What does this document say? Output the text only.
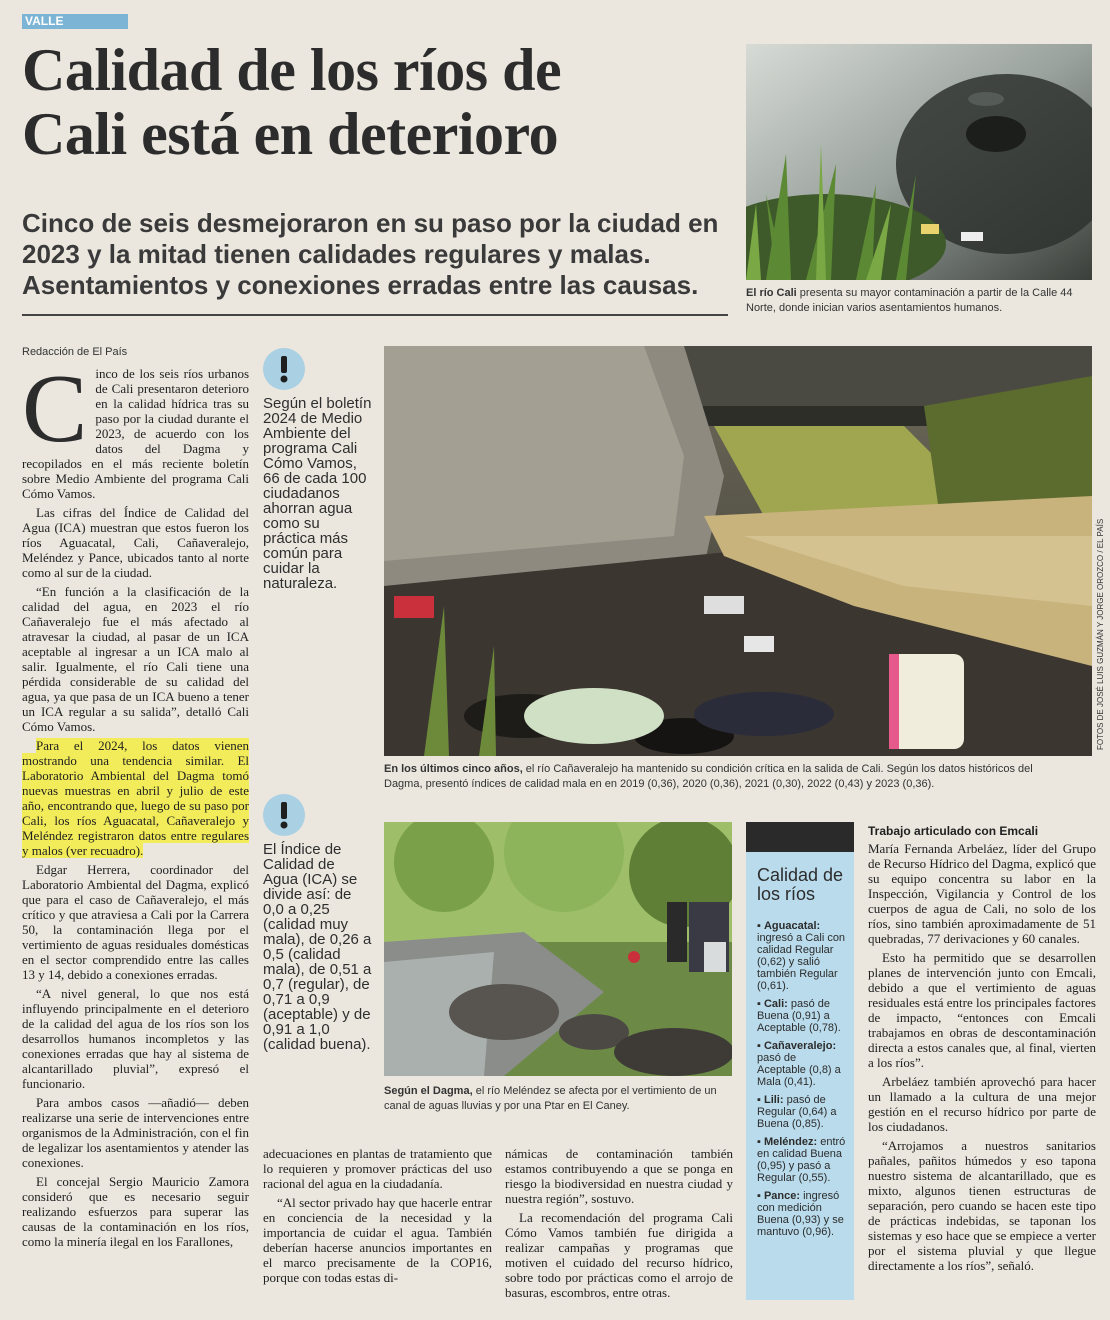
VALLE
Calidad de los ríos de
Cali está en deterioro
Cinco de seis desmejoraron en su paso por la ciudad en 2023 y la mitad tienen calidades regulares y malas. Asentamientos y conexiones erradas entre las causas.	El río Cali presenta su mayor contaminación a partir de la Calle 44 Norte, donde inician varios asentamientos humanos.
Redacción de El País
C inco de los seis ríos urbanos de Cali presentaron deterioro en la calidad hídrica tras su paso por la ciudad durante el 2023, de acuerdo con los datos del Dagma y recopilados en el más reciente boletín sobre Medio Ambiente del programa Cali Cómo Vamos.

Las cifras del Índice de Calidad del Agua (ICA) muestran que estos fueron los ríos Aguacatal, Cali, Cañaveralejo, Meléndez y Pance, ubicados tanto al norte como al sur de la ciudad.

“En función a la clasificación de la calidad del agua, en 2023 el río Cañaveralejo fue el más afectado al atravesar la ciudad, al pasar de un ICA aceptable al ingresar a un ICA malo al salir. Igualmente, el río Cali tiene una pérdida considerable de su calidad del agua, ya que pasa de un ICA bueno a tener un ICA regular a su salida”, detalló Cali Cómo Vamos.

Para el 2024, los datos vienen mostrando una tendencia similar. El Laboratorio Ambiental del Dagma tomó nuevas muestras en abril y julio de este año, encontrando que, luego de su paso por Cali, los ríos Aguacatal, Cañaveralejo y Meléndez registraron datos entre regulares y malos (ver recuadro).

Edgar Herrera, coordinador del Laboratorio Ambiental del Dagma, explicó que para el caso de Cañaveralejo, el más crítico y que atraviesa a Cali por la Carrera 50, la contaminación llega por el vertimiento de aguas residuales domésticas en el sector comprendido entre las calles 13 y 14, debido a conexiones erradas.

“A nivel general, lo que nos está influyendo principalmente en el deterioro de la calidad del agua de los ríos son los desarrollos humanos incompletos y las conexiones erradas que hay al sistema de alcantarillado pluvial”, expresó el funcionario.

Para ambos casos —añadió— deben realizarse una serie de intervenciones entre organismos de la Administración, con el fin de legalizar los asentamientos y atender las conexiones.

El concejal Sergio Mauricio Zamora consideró que es necesario seguir realizando esfuerzos para superar las causas de la contaminación en los ríos, como la minería ilegal en los Farallones,

Según el boletín 2024 de Medio Ambiente del programa Cali Cómo Vamos, 66 de cada 100 ciudadanos ahorran agua como su práctica más común para cuidar la naturaleza.
El Índice de Calidad de Agua (ICA) se divide así: de 0,0 a 0,25 (calidad muy mala), de 0,26 a 0,5 (calidad mala), de 0,51 a 0,7 (regular), de 0,71 a 0,9 (aceptable) y de 0,91 a 1,0 (calidad buena).
FOTOS DE JOSÉ LUIS GUZMÁN Y JORGE OROZCO / EL PAÍS
En los últimos cinco años, el río Cañaveralejo ha mantenido su condición crítica en la salida de Cali. Según los datos históricos del Dagma, presentó índices de calidad mala en en 2019 (0,36), 2020 (0,36), 2021 (0,30), 2022 (0,43) y 2023 (0,36).
Según el Dagma, el río Meléndez se afecta por el vertimiento de un canal de aguas lluvias y por una Ptar en El Caney.

adecuaciones en plantas de tratamiento que lo requieren y promover prácticas del uso racional del agua en la ciudadanía.

“Al sector privado hay que hacerle entrar en conciencia de la necesidad y la importancia de cuidar el agua. También deberían hacerse anuncios importantes en el marco precisamente de la COP16, porque con todas estas di-

námicas de contaminación también estamos contribuyendo a que se ponga en riesgo la biodiversidad en nuestra ciudad y nuestra región”, sostuvo.

La recomendación del programa Cali Cómo Vamos también fue dirigida a realizar campañas y programas que motiven el cuidado del recurso hídrico, sobre todo por prácticas como el arrojo de basuras, escombros, entre otras.

Calidad de los ríos
▪ Aguacatal: ingresó a Cali con calidad Regular (0,62) y salió también Regular (0,61).
▪ Cali: pasó de Buena (0,91) a Aceptable (0,78).
▪ Cañaveralejo: pasó de Aceptable (0,8) a Mala (0,41).
▪ Lili: pasó de Regular (0,64) a Buena (0,85).
▪ Meléndez: entró en calidad Buena (0,95) y pasó a Regular (0,55).
▪ Pance: ingresó con medición Buena (0,93) y se mantuvo (0,96).
Trabajo articulado con Emcali

María Fernanda Arbeláez, líder del Grupo de Recurso Hídrico del Dagma, explicó que su equipo concentra su labor en la Inspección, Vigilancia y Control de los cuerpos de agua de Cali, no solo de los ríos, sino también aproximadamente de 51 quebradas, 77 derivaciones y 60 canales.

Esto ha permitido que se desarrollen planes de intervención junto con Emcali, debido a que el vertimiento de aguas residuales está entre los principales factores de impacto, “entonces con Emcali trabajamos en obras de descontaminación directa a estos canales que, al final, vierten a los ríos”.

Arbeláez también aprovechó para hacer un llamado a la cultura de una mejor gestión en el recurso hídrico por parte de los ciudadanos.

“Arrojamos a nuestros sanitarios pañales, pañitos húmedos y eso tapona nuestro sistema de alcantarillado, que es mixto, algunos tienen estructuras de separación, pero cuando se hacen este tipo de prácticas indebidas, se taponan los sistemas y eso hace que se empiece a verter por el sistema pluvial y que llegue directamente a los ríos”, señaló.
